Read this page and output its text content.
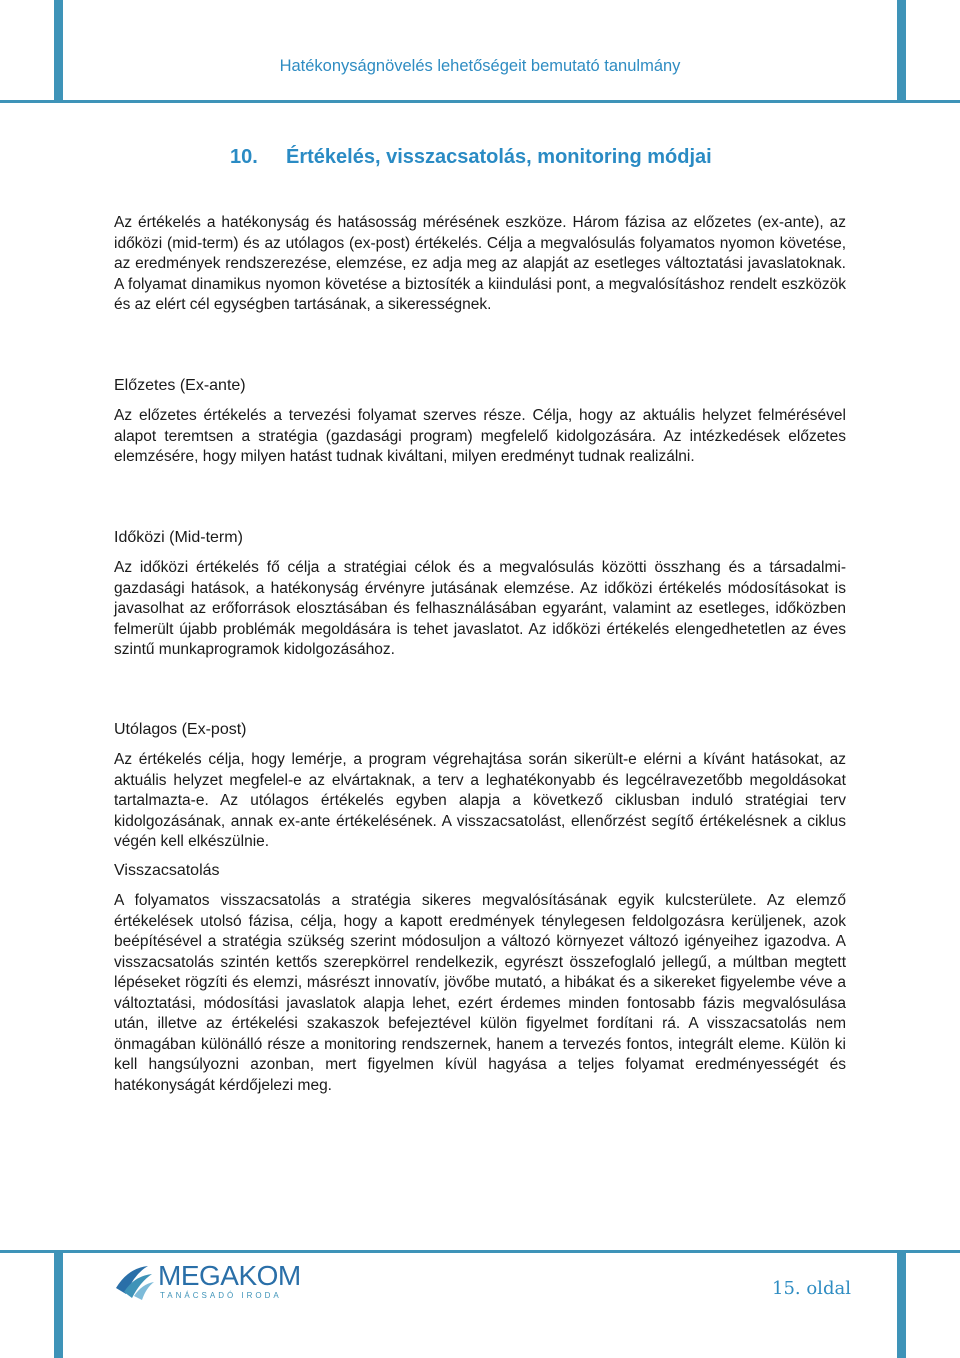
Hatékonyságnövelés lehetőségeit bemutató tanulmány
10. Értékelés, visszacsatolás, monitoring módjai

Az értékelés a hatékonyság és hatásosság mérésének eszköze. Három fázisa az előzetes (ex-ante), az időközi (mid-term) és az utólagos (ex-post) értékelés. Célja a megvalósulás folyamatos nyomon követése, az eredmények rendszerezése, elemzése, ez adja meg az alapját az esetleges változtatási javaslatoknak. A folyamat dinamikus nyomon követése a biztosíték a kiindulási pont, a megvalósításhoz rendelt eszközök és az elért cél egységben tartásának, a sikerességnek.

Előzetes (Ex-ante)

Az előzetes értékelés a tervezési folyamat szerves része. Célja, hogy az aktuális helyzet felmérésével alapot teremtsen a stratégia (gazdasági program) megfelelő kidolgozására. Az intézkedések előzetes elemzésére, hogy milyen hatást tudnak kiváltani, milyen eredményt tudnak realizálni.

Időközi (Mid-term)

Az időközi értékelés fő célja a stratégiai célok és a megvalósulás közötti összhang és a társadalmi-gazdasági hatások, a hatékonyság érvényre jutásának elemzése. Az időközi értékelés módosításokat is javasolhat az erőforrások elosztásában és felhasználásában egyaránt, valamint az esetleges, időközben felmerült újabb problémák megoldására is tehet javaslatot. Az időközi értékelés elengedhetetlen az éves szintű munkaprogramok kidolgozásához.

Utólagos (Ex-post)

Az értékelés célja, hogy lemérje, a program végrehajtása során sikerült-e elérni a kívánt hatásokat, az aktuális helyzet megfelel-e az elvártaknak, a terv a leghatékonyabb és legcélravezetőbb megoldásokat tartalmazta-e. Az utólagos értékelés egyben alapja a következő ciklusban induló stratégiai terv kidolgozásának, annak ex-ante értékelésének. A visszacsatolást, ellenőrzést segítő értékelésnek a ciklus végén kell elkészülnie.

Visszacsatolás

A folyamatos visszacsatolás a stratégia sikeres megvalósításának egyik kulcsterülete. Az elemző értékelések utolsó fázisa, célja, hogy a kapott eredmények ténylegesen feldolgozásra kerüljenek, azok beépítésével a stratégia szükség szerint módosuljon a változó környezet változó igényeihez igazodva. A visszacsatolás szintén kettős szerepkörrel rendelkezik, egyrészt összefoglaló jellegű, a múltban megtett lépéseket rögzíti és elemzi, másrészt innovatív, jövőbe mutató, a hibákat és a sikereket figyelembe véve a változtatási, módosítási javaslatok alapja lehet, ezért érdemes minden fontosabb fázis megvalósulása után, illetve az értékelési szakaszok befejeztével külön figyelmet fordítani rá. A visszacsatolás nem önmagában különálló része a monitoring rendszernek, hanem a tervezés fontos, integrált eleme. Külön ki kell hangsúlyozni azonban, mert figyelmen kívül hagyása a teljes folyamat eredményességét és hatékonyságát kérdőjelezi meg.

MEGAKOM
TANÁCSADÓ IRODA	15. oldal
